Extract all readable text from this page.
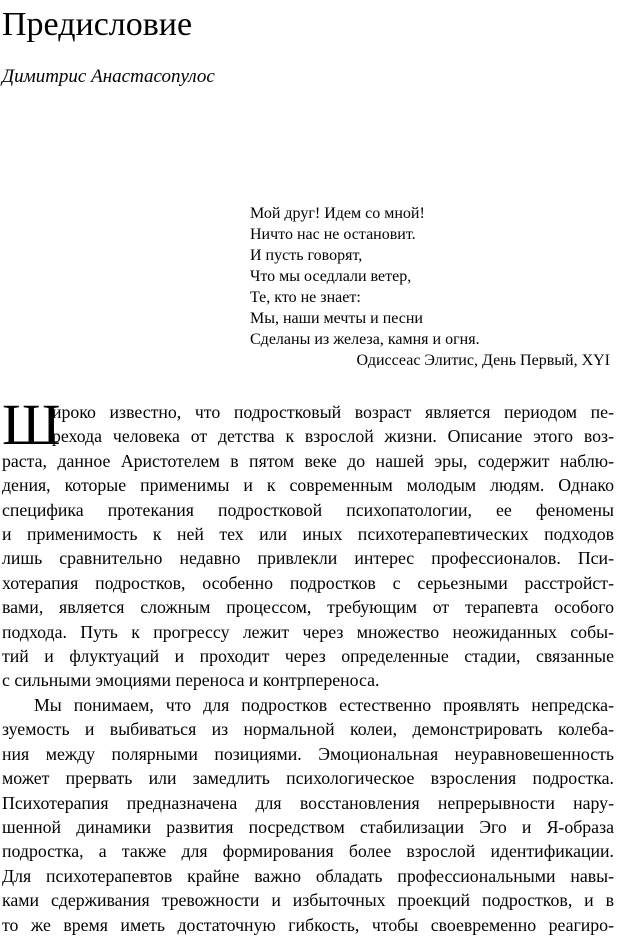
Предисловие

Димитрис Анастасопулос

Мой друг! Идем со мной!
Ничто нас не остановит.
И пусть говорят,
Что мы оседлали ветер,
Те, кто не знает:
Мы, наши мечты и песни
Сделаны из железа, камня и огня.
Одиссеас Элитис, День Первый, XYI
Ш
ироко известно, что подростковый возраст является периодом пе-
рехода человека от детства к взрослой жизни. Описание этого воз-
раста, данное Аристотелем в пятом веке до нашей эры, содержит наблю-
дения, которые применимы и к современным молодым людям. Однако
специфика протекания подростковой психопатологии, ее феномены
и применимость к ней тех или иных психотерапевтических подходов
лишь сравнительно недавно привлекли интерес профессионалов. Пси-
хотерапия подростков, особенно подростков с серьезными расстройст-
вами, является сложным процессом, требующим от терапевта особого
подхода. Путь к прогрессу лежит через множество неожиданных собы-
тий и флуктуаций и проходит через определенные стадии, связанные
с сильными эмоциями переноса и контрпереноса.
Мы понимаем, что для подростков естественно проявлять непредска-
зуемость и выбиваться из нормальной колеи, демонстрировать колеба-
ния между полярными позициями. Эмоциональная неуравновешенность
может прервать или замедлить психологическое взросления подростка.
Психотерапия предназначена для восстановления непрерывности нару-
шенной динамики развития посредством стабилизации Эго и Я-образа
подростка, а также для формирования более взрослой идентификации.
Для психотерапевтов крайне важно обладать профессиональными навы-
ками сдерживания тревожности и избыточных проекций подростков, и в
то же время иметь достаточную гибкость, чтобы своевременно реагиро-
